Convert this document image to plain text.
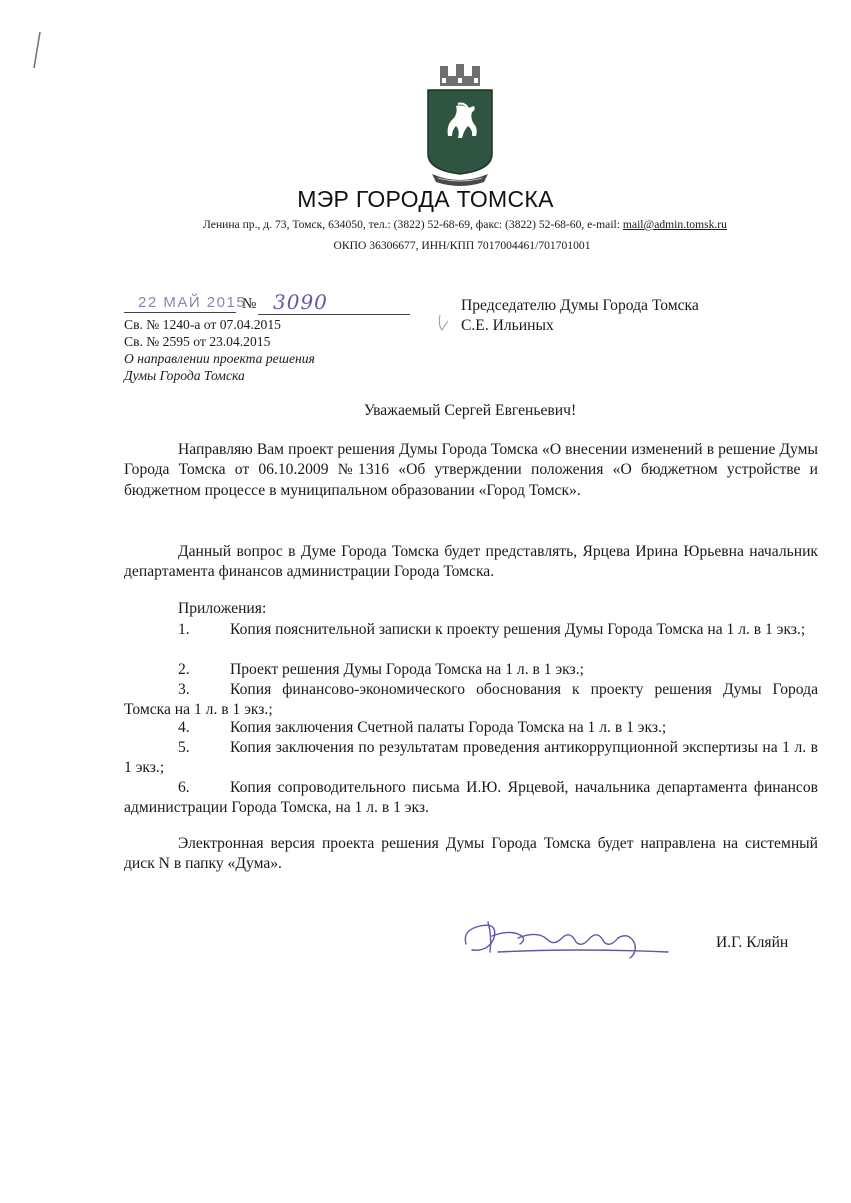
МЭР ГОРОДА ТОМСКА
Ленина пр., д. 73, Томск, 634050, тел.: (3822) 52-68-69, факс: (3822) 52-68-60, e-mail: mail@admin.tomsk.ru
ОКПО 36306677, ИНН/КПП 7017004461/701701001
22 МАЙ 2015
№ 3090
Св. № 1240-а от 07.04.2015
Св. № 2595 от 23.04.2015
О направлении проекта решения
Думы Города Томска
Председателю Думы Города Томска
С.Е. Ильиных
Уважаемый Сергей Евгеньевич!
Направляю Вам проект решения Думы Города Томска «О внесении изменений в решение Думы Города Томска от 06.10.2009 №1316 «Об утверждении положения «О бюджетном устройстве и бюджетном процессе в муниципальном образовании «Город Томск».
Данный вопрос в Думе Города Томска будет представлять, Ярцева Ирина Юрьевна начальник департамента финансов администрации Города Томска.
Приложения:
1.	Копия пояснительной записки к проекту решения Думы Города Томска на 1 л. в 1 экз.;
2.	Проект решения Думы Города Томска на 1 л. в 1 экз.;
3.	Копия финансово-экономического обоснования к проекту решения Думы Города Томска на 1 л. в 1 экз.;
4.	Копия заключения Счетной палаты Города Томска на 1 л. в 1 экз.;
5.	Копия заключения по результатам проведения антикоррупционной экспертизы на 1 л. в 1 экз.;
6.	Копия сопроводительного письма И.Ю. Ярцевой, начальника департамента финансов администрации Города Томска, на 1 л. в 1 экз.
Электронная версия проекта решения Думы Города Томска будет направлена на системный диск N в папку «Дума».
И.Г. Кляйн
